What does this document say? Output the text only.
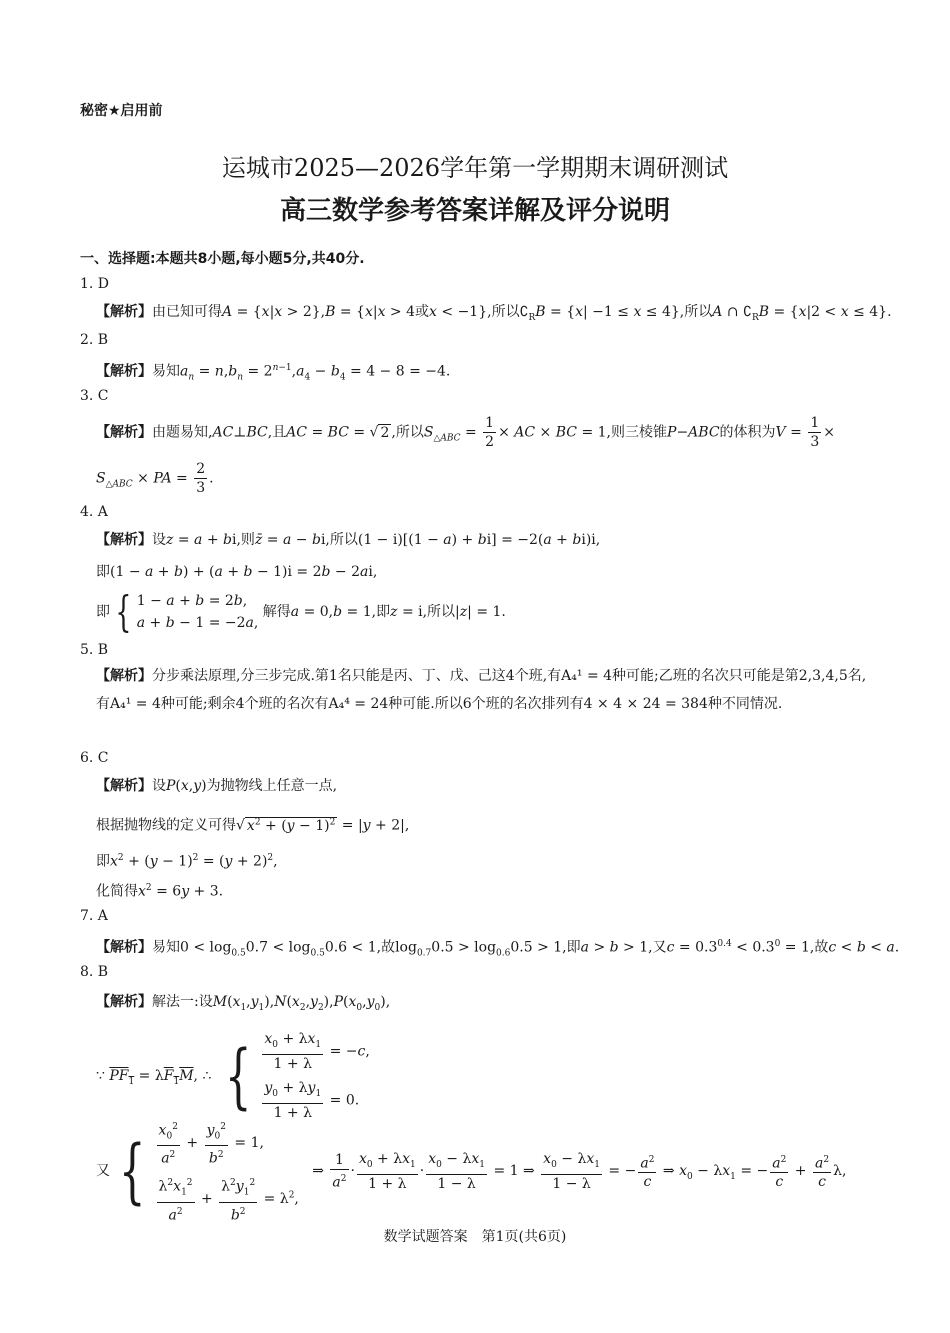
秘密★启用前
运城市2025—2026学年第一学期期末调研测试
高三数学参考答案详解及评分说明
一、选择题:本题共8小题,每小题5分,共40分.
1. D
【解析】由已知可得A = {x|x > 2},B = {x|x > 4或x < −1},所以$∁_RB = \{x| -1 \le x \le 4\}$,所以A ∩ $∁_RB = \{x|2 < x \le 4\}$.
2. B
【解析】易知$a_n = n,b_n = 2^{n-1},a_4 - b_4 = 4 - 8 = -4$.
3. C
【解析】由题易知,AC⊥BC,且AC = BC = √ 2 ,所以$S_{\triangle ABC} = \frac{1}{2}$ × AC × BC = 1,则三棱锥P−ABC的体积为$V = \frac{1}{3}$ ×
$S_{\triangle ABC}$ × PA = $\frac{2}{3}$ .
4. A
【解析】设z = a + bi,则z̄ = a − bi,所以(1 − i)[(1 − a) + bi] = −2(a + bi)i,
即(1 − a + b) + (a + b − 1)i = 2b − 2ai,
即 { 1 − a + b = 2b,
a + b − 1 = −2a,
解得a = 0,b = 1,即z = i,所以|z| = 1.
5. B
【解析】分步乘法原理,分三步完成.第1名只能是丙、丁、戊、己这4个班,有A₄¹ = 4种可能;乙班的名次只可能是第2,3,4,5名,有A₄¹ = 4种可能;剩余4个班的名次有A₄⁴ = 24种可能.所以6个班的名次排列有4 × 4 × 24 = 384种不同情况.
6. C
【解析】设P(x,y)为抛物线上任意一点,
根据抛物线的定义可得√ $x^2 + (y - 1)^2 = |y + 2|$,
即$x^2 + (y - 1)^2 = (y + 2)^2$,
化简得$x^2 = 6y + 3$.
7. A
【解析】易知$0 < \log_{0.5}0.7 < \log_{0.5}0.6 < 1$,故$\log_{0.7}0.5 > \log_{0.6}0.5 > 1$,即a > b > 1,又$c = 0.3^{0.4} < 0.3^0 = 1$,故c < b < a.
8. B
【解析】解法一:设$M(x_1,y_1),N(x_2,y_2),P(x_0,y_0)$,
∵ $PF_1 = \lambda F_1M$, ∴ { $\frac{x_0 + \lambda x_1}{1 + \lambda} = -c$,
$\frac{y_0 + \lambda y_1}{1 + \lambda} = 0$.
又 { $\frac{x_0^2}{a^2} + \frac{y_0^2}{b^2} = 1$,
$\frac{\lambda^2x_1^2}{a^2} + \frac{\lambda^2y_1^2}{b^2} = \lambda^2$,
⇒ $\frac{1}{a^2} \cdot \frac{x_0 + \lambda x_1}{1 + \lambda} \cdot \frac{x_0 - \lambda x_1}{1 - \lambda} = 1$ ⇒ $\frac{x_0 - \lambda x_1}{1 - \lambda}$ = − $\frac{a^2}{c}$ ⇒ $x_0 - \lambda x_1$ = − $\frac{a^2}{c} + \frac{a^2}{c} \lambda$,
数学试题答案　第1页(共6页)
